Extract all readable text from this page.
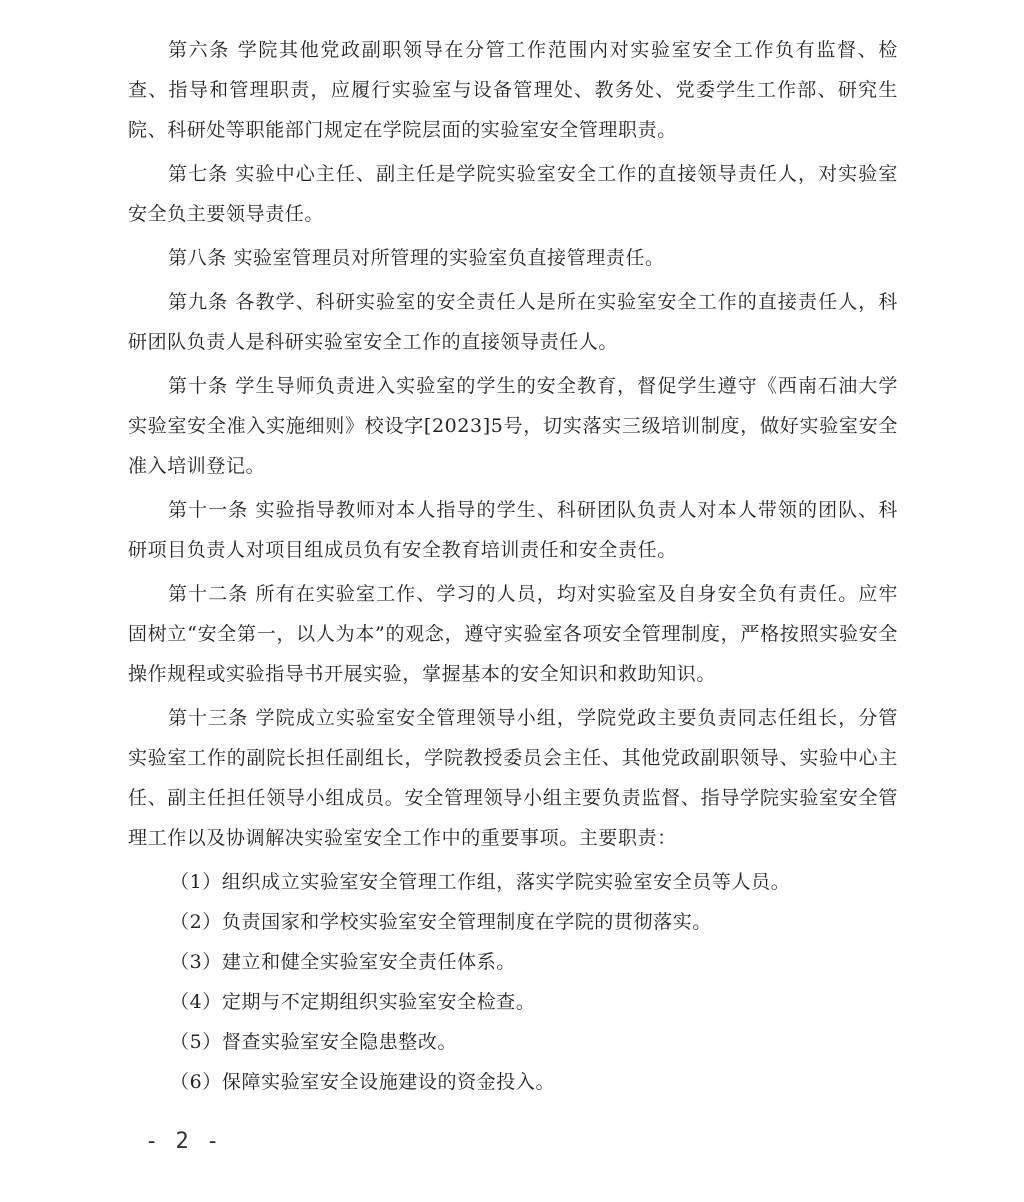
第六条 学院其他党政副职领导在分管工作范围内对实验室安全工作负有监督、检查、指导和管理职责，应履行实验室与设备管理处、教务处、党委学生工作部、研究生院、科研处等职能部门规定在学院层面的实验室安全管理职责。

第七条 实验中心主任、副主任是学院实验室安全工作的直接领导责任人，对实验室安全负主要领导责任。

第八条 实验室管理员对所管理的实验室负直接管理责任。

第九条 各教学、科研实验室的安全责任人是所在实验室安全工作的直接责任人，科研团队负责人是科研实验室安全工作的直接领导责任人。

第十条 学生导师负责进入实验室的学生的安全教育，督促学生遵守《西南石油大学实验室安全准入实施细则》校设字[2023]5号，切实落实三级培训制度，做好实验室安全准入培训登记。

第十一条 实验指导教师对本人指导的学生、科研团队负责人对本人带领的团队、科研项目负责人对项目组成员负有安全教育培训责任和安全责任。

第十二条 所有在实验室工作、学习的人员，均对实验室及自身安全负有责任。应牢固树立“安全第一，以人为本”的观念，遵守实验室各项安全管理制度，严格按照实验安全操作规程或实验指导书开展实验，掌握基本的安全知识和救助知识。

第十三条 学院成立实验室安全管理领导小组，学院党政主要负责同志任组长，分管实验室工作的副院长担任副组长，学院教授委员会主任、其他党政副职领导、实验中心主任、副主任担任领导小组成员。安全管理领导小组主要负责监督、指导学院实验室安全管理工作以及协调解决实验室安全工作中的重要事项。主要职责：

（1）组织成立实验室安全管理工作组，落实学院实验室安全员等人员。

（2）负责国家和学校实验室安全管理制度在学院的贯彻落实。

（3）建立和健全实验室安全责任体系。

（4）定期与不定期组织实验室安全检查。

（5）督查实验室安全隐患整改。

（6）保障实验室安全设施建设的资金投入。

- 2 -
